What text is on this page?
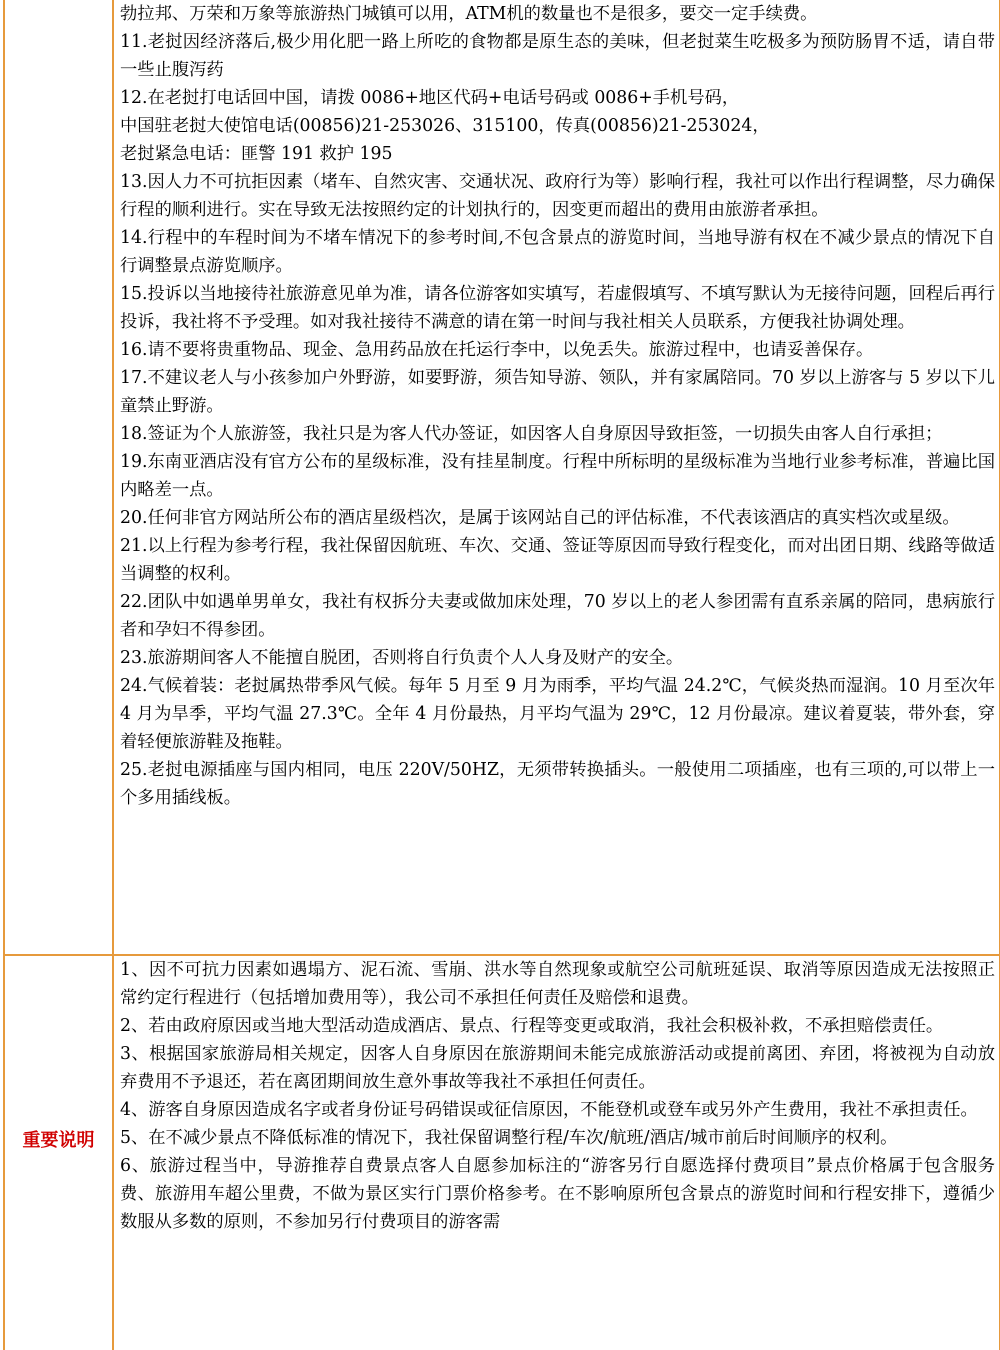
勃拉邦、万荣和万象等旅游热门城镇可以用，ATM机的数量也不是很多，要交一定手续费。

11.老挝因经济落后,极少用化肥一路上所吃的食物都是原生态的美味，但老挝菜生吃极多为预防肠胃不适，请自带一些止腹泻药

12.在老挝打电话回中国，请拨 0086+地区代码+电话号码或 0086+手机号码，

中国驻老挝大使馆电话(00856)21-253026、315100，传真(00856)21-253024，

老挝紧急电话：匪警 191 救护 195

13.因人力不可抗拒因素（堵车、自然灾害、交通状况、政府行为等）影响行程，我社可以作出行程调整，尽力确保行程的顺利进行。实在导致无法按照约定的计划执行的，因变更而超出的费用由旅游者承担。

14.行程中的车程时间为不堵车情况下的参考时间,不包含景点的游览时间，当地导游有权在不减少景点的情况下自行调整景点游览顺序。

15.投诉以当地接待社旅游意见单为准，请各位游客如实填写，若虚假填写、不填写默认为无接待问题，回程后再行投诉，我社将不予受理。如对我社接待不满意的请在第一时间与我社相关人员联系，方便我社协调处理。

16.请不要将贵重物品、现金、急用药品放在托运行李中，以免丢失。旅游过程中，也请妥善保存。

17.不建议老人与小孩参加户外野游，如要野游，须告知导游、领队，并有家属陪同。70 岁以上游客与 5 岁以下儿童禁止野游。

18.签证为个人旅游签，我社只是为客人代办签证，如因客人自身原因导致拒签，一切损失由客人自行承担；

19.东南亚酒店没有官方公布的星级标准，没有挂星制度。行程中所标明的星级标准为当地行业参考标准，普遍比国内略差一点。

20.任何非官方网站所公布的酒店星级档次，是属于该网站自己的评估标准，不代表该酒店的真实档次或星级。

21.以上行程为参考行程，我社保留因航班、车次、交通、签证等原因而导致行程变化，而对出团日期、线路等做适当调整的权利。

22.团队中如遇单男单女，我社有权拆分夫妻或做加床处理，70 岁以上的老人参团需有直系亲属的陪同，患病旅行者和孕妇不得参团。

23.旅游期间客人不能擅自脱团，否则将自行负责个人人身及财产的安全。

24.气候着装：老挝属热带季风气候。每年 5 月至 9 月为雨季，平均气温 24.2℃，气候炎热而湿润。10 月至次年 4 月为旱季，平均气温 27.3℃。全年 4 月份最热，月平均气温为 29℃，12 月份最凉。建议着夏装，带外套，穿着轻便旅游鞋及拖鞋。

25.老挝电源插座与国内相同，电压 220V/50HZ，无须带转换插头。一般使用二项插座，也有三项的,可以带上一个多用插线板。

重要说明

1、因不可抗力因素如遇塌方、泥石流、雪崩、洪水等自然现象或航空公司航班延误、取消等原因造成无法按照正常约定行程进行（包括增加费用等），我公司不承担任何责任及赔偿和退费。

2、若由政府原因或当地大型活动造成酒店、景点、行程等变更或取消，我社会积极补救，不承担赔偿责任。

3、根据国家旅游局相关规定，因客人自身原因在旅游期间未能完成旅游活动或提前离团、弃团，将被视为自动放弃费用不予退还，若在离团期间放生意外事故等我社不承担任何责任。

4、游客自身原因造成名字或者身份证号码错误或征信原因，不能登机或登车或另外产生费用，我社不承担责任。

5、在不减少景点不降低标准的情况下，我社保留调整行程/车次/航班/酒店/城市前后时间顺序的权利。

6、旅游过程当中，导游推荐自费景点客人自愿参加标注的“游客另行自愿选择付费项目”景点价格属于包含服务费、旅游用车超公里费，不做为景区实行门票价格参考。在不影响原所包含景点的游览时间和行程安排下，遵循少数服从多数的原则，不参加另行付费项目的游客需
